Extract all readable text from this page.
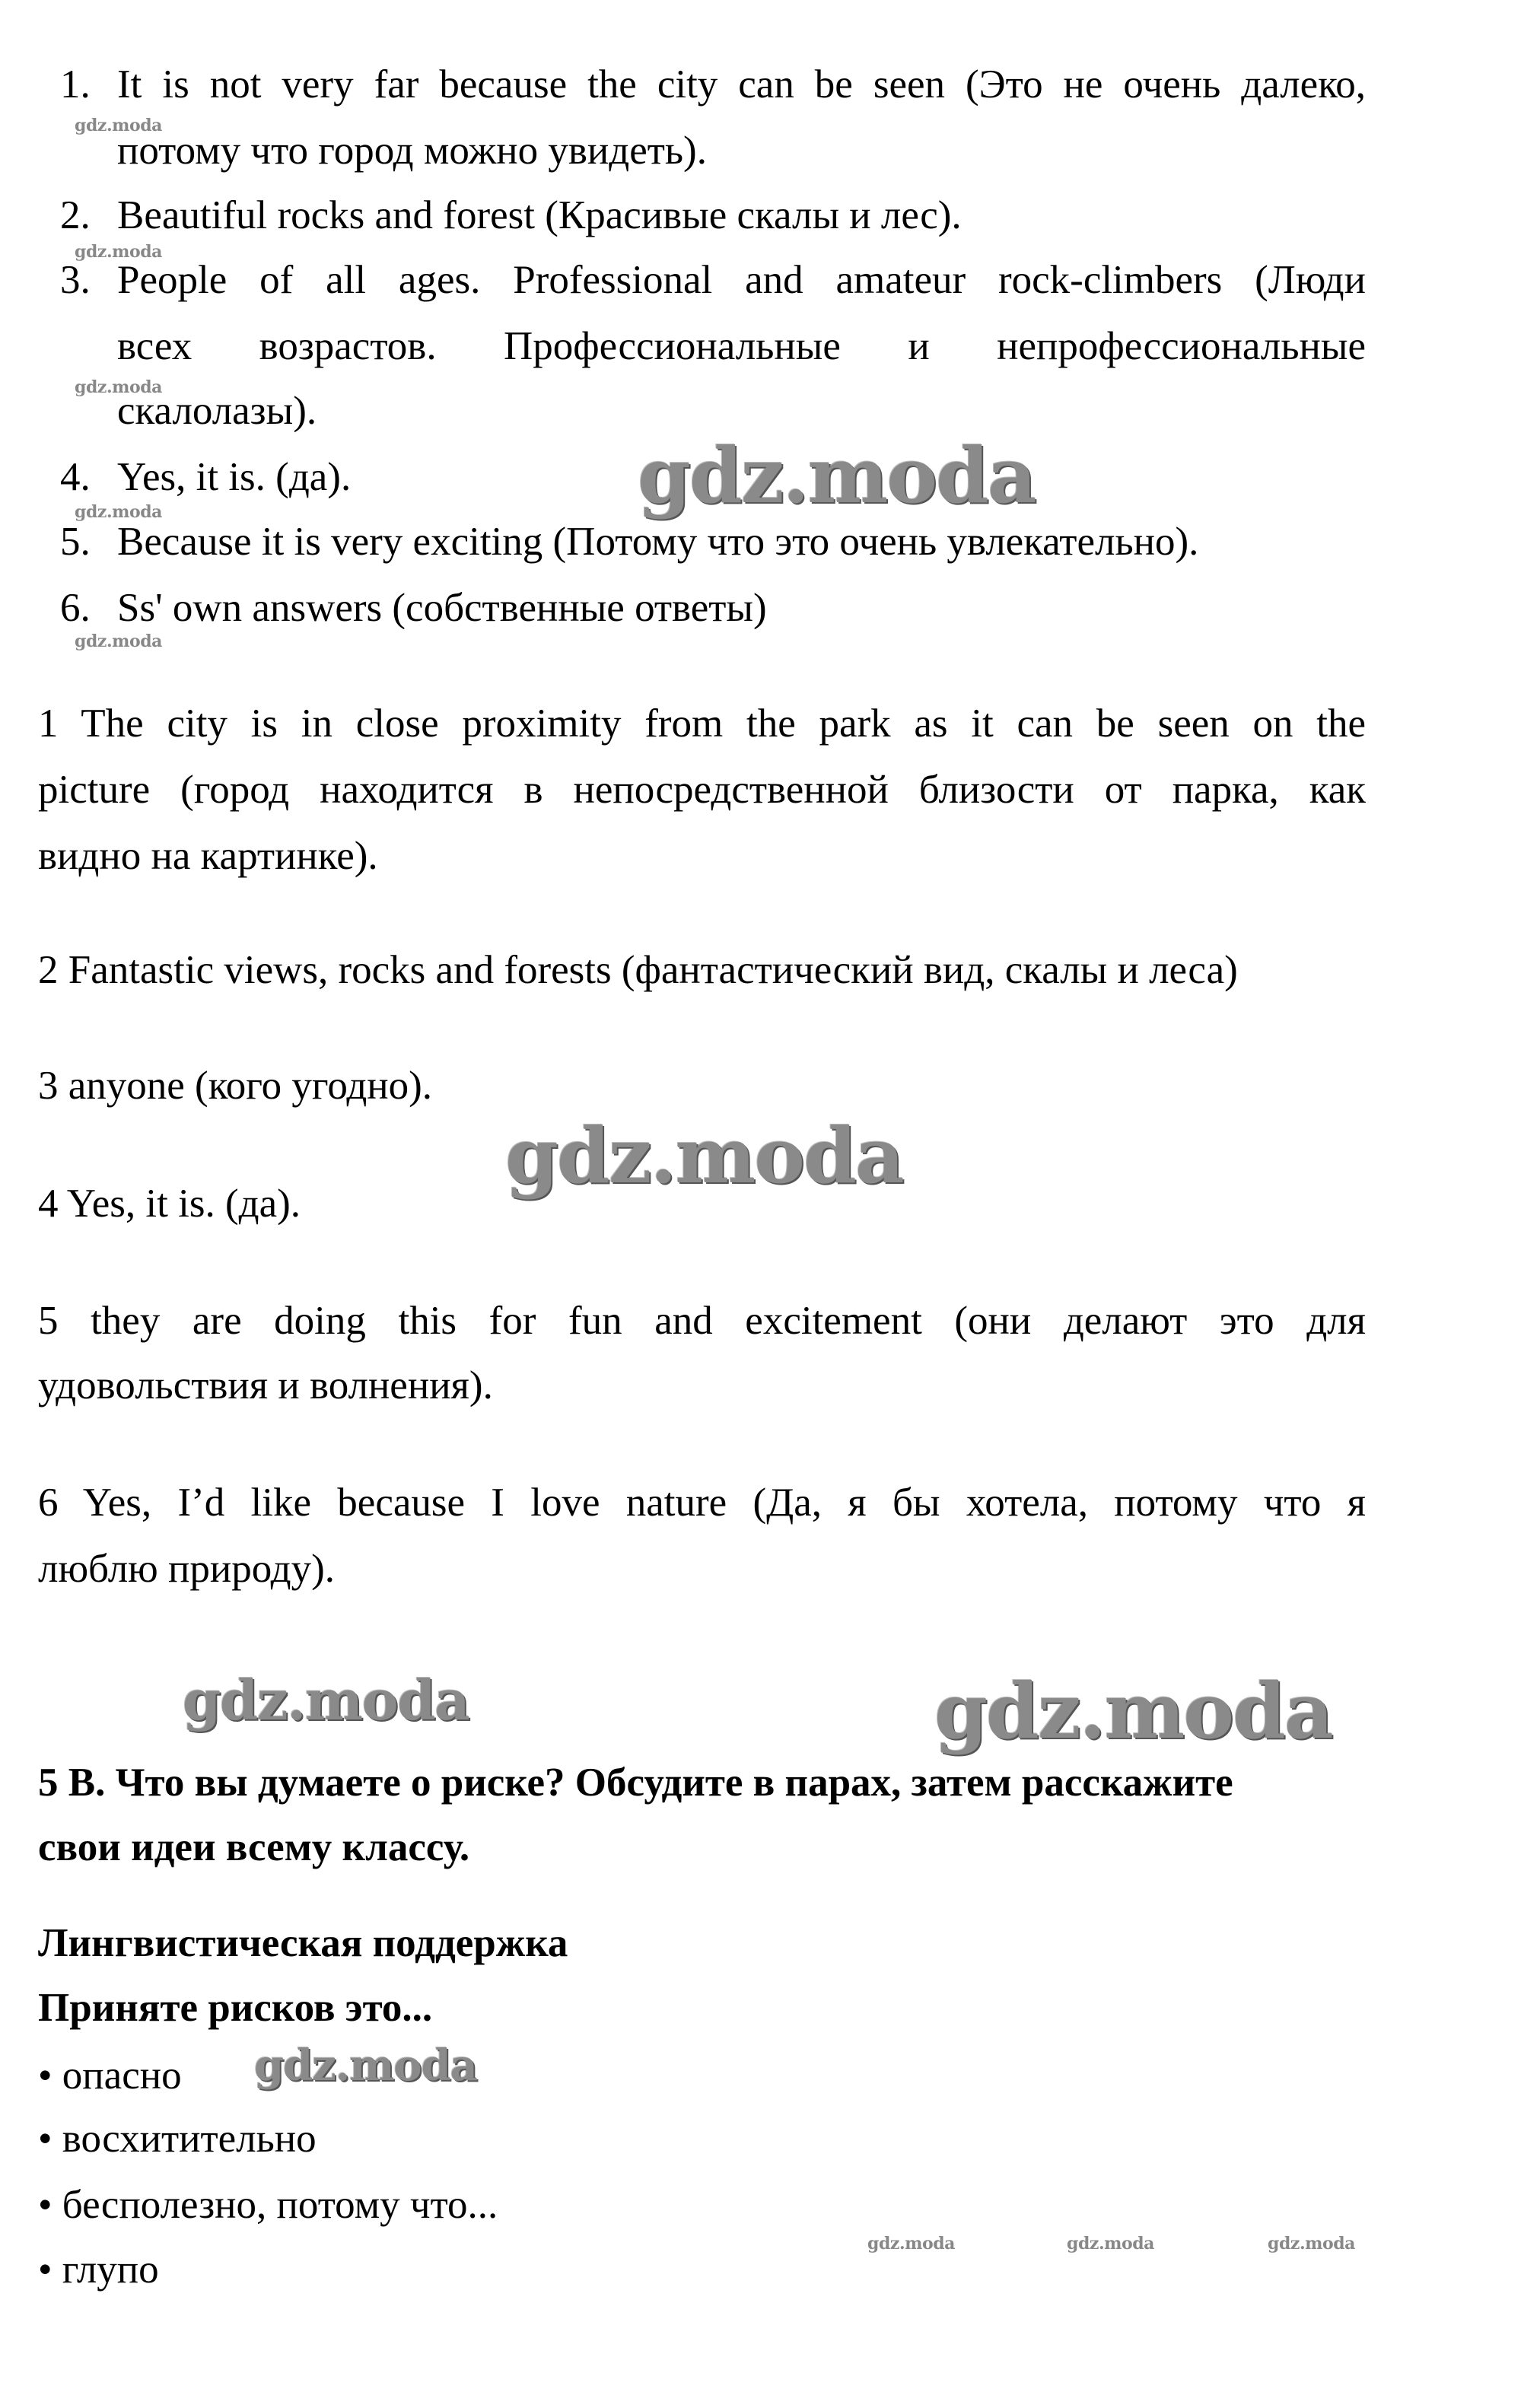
1. It is not very far because the city can be seen (Это не очень далеко,
потому что город можно увидеть).
2. Beautiful rocks and forest (Красивые скалы и лес).
3. People of all ages. Professional and amateur rock-climbers (Люди
всех возрастов. Профессиональные и непрофессиональные
скалолазы).
4. Yes, it is. (да).
5. Because it is very exciting (Потому что это очень увлекательно).
6. Ss' own answers (собственные ответы)
1 The city is in close proximity from the park as it can be seen on the
picture (город находится в непосредственной близости от парка, как
видно на картинке).
2 Fantastic views, rocks and forests (фантастический вид, скалы и леса)
3 anyone (кого угодно).
4 Yes, it is. (да).
5 they are doing this for fun and excitement (они делают это для
удовольствия и волнения).
6 Yes, I’d like because I love nature (Да, я бы хотела, потому что я
люблю природу).
5 B. Что вы думаете о риске? Обсудите в парах, затем расскажите
свои идеи всему классу.
Лингвистическая поддержка
Приняте рисков это...
• опасно
• восхитительно
• бесполезно, потому что...
• глупо
gdz.moda
gdz.moda
gdz.moda
gdz.moda
gdz.moda
gdz.moda
gdz.moda
gdz.moda	gdz.moda
gdz.moda
gdz.moda	gdz.moda	gdz.moda
